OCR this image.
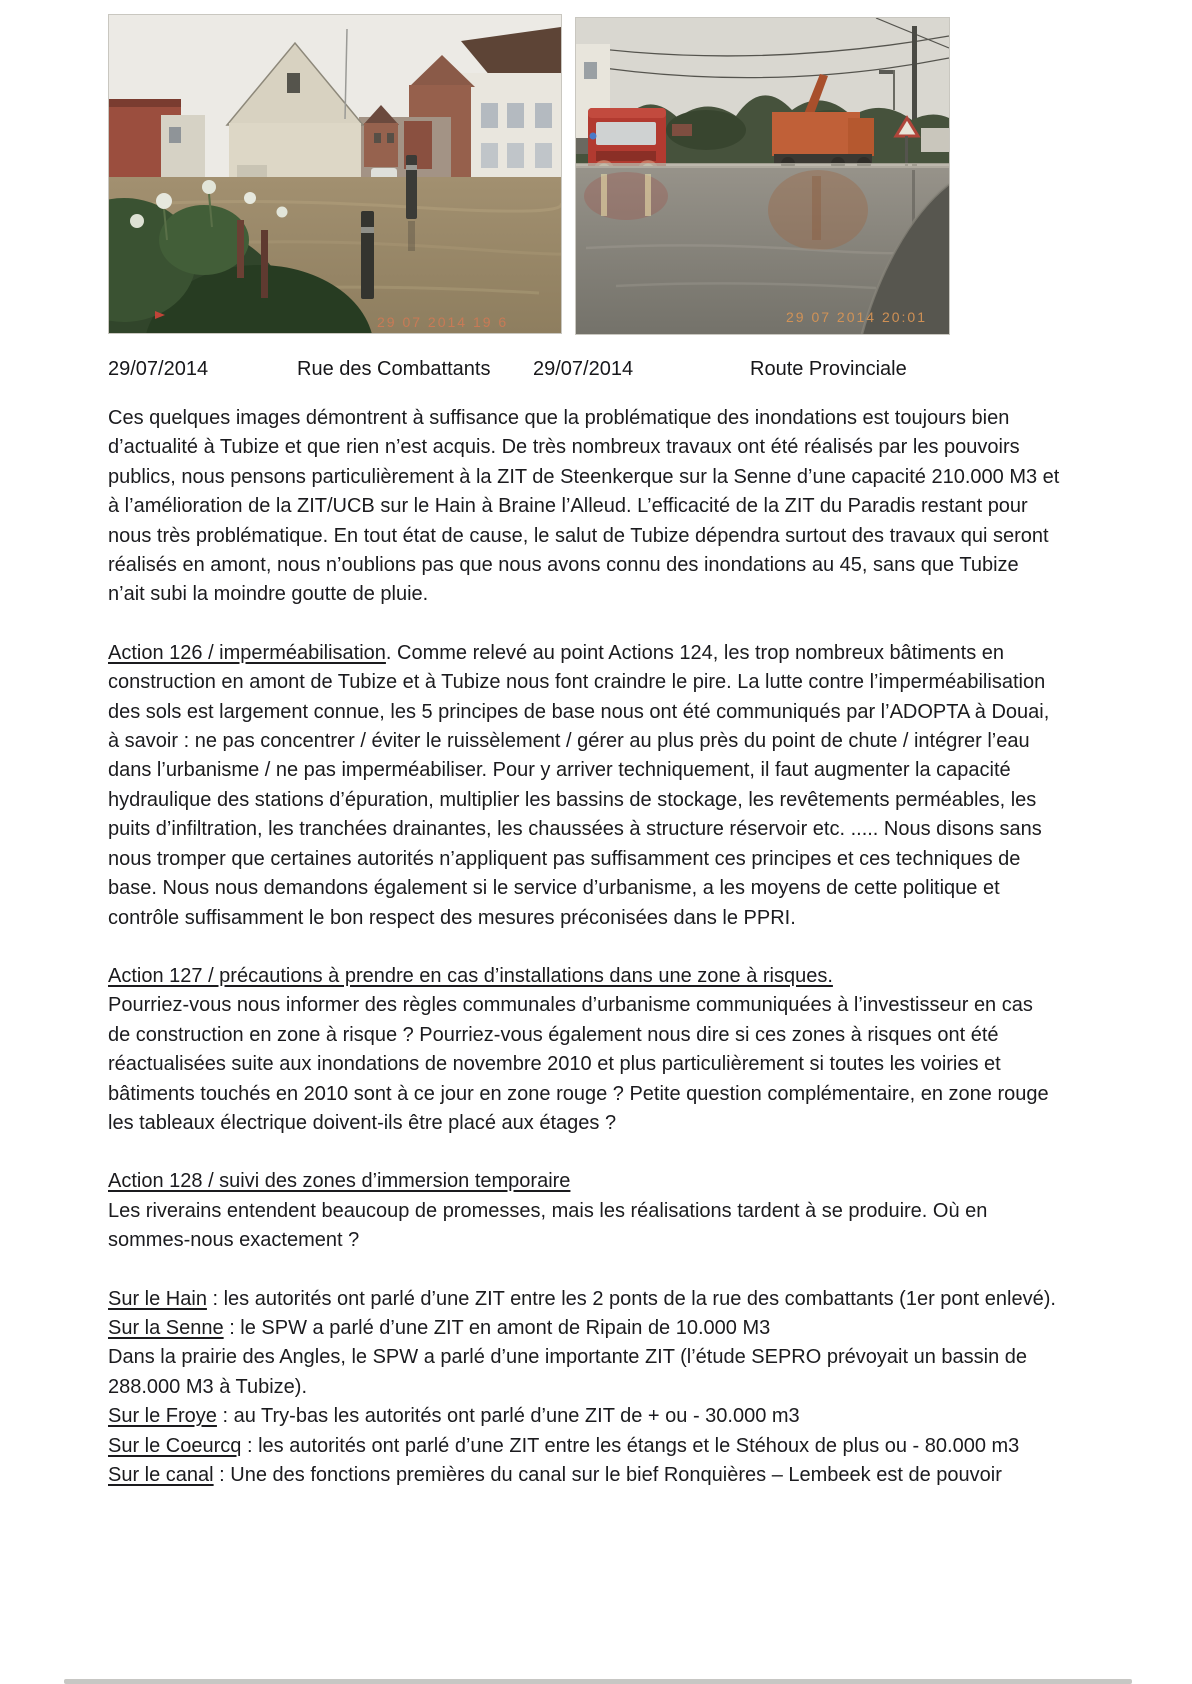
29 07 2014 19 6	29 07 2014 20:01
29/07/2014	Rue des Combattants 29/07/2014	Route Provinciale

Ces quelques images démontrent à suffisance que la problématique des inondations est toujours bien d’actualité à Tubize et que rien n’est acquis. De très nombreux travaux ont été réalisés par les pouvoirs publics, nous pensons particulièrement à la ZIT de Steenkerque sur la Senne d’une capacité 210.000 M3 et à l’amélioration de la ZIT/UCB sur le Hain à Braine l’Alleud. L’efficacité de la ZIT du Paradis restant pour nous très problématique. En tout état de cause, le salut de Tubize dépendra surtout des travaux qui seront réalisés en amont, nous n’oublions pas que nous avons connu des inondations au 45, sans que Tubize n’ait subi la moindre goutte de pluie.

Action 126 / imperméabilisation. Comme relevé au point Actions 124, les trop nombreux bâtiments en construction en amont de Tubize et à Tubize nous font craindre le pire. La lutte contre l’imperméabilisation des sols est largement connue, les 5 principes de base nous ont été communiqués par l’ADOPTA à Douai, à savoir : ne pas concentrer / éviter le ruissèlement / gérer au plus près du point de chute / intégrer l’eau dans l’urbanisme / ne pas imperméabiliser. Pour y arriver techniquement, il faut augmenter la capacité hydraulique des stations d’épuration, multiplier les bassins de stockage, les revêtements perméables, les puits d’infiltration, les tranchées drainantes, les chaussées à structure réservoir etc. ..... Nous disons sans nous tromper que certaines autorités n’appliquent pas suffisamment ces principes et ces techniques de base. Nous nous demandons également si le service d’urbanisme, a les moyens de cette politique et contrôle suffisamment le bon respect des mesures préconisées dans le PPRI.

Action 127 / précautions à prendre en cas d’installations dans une zone à risques.

Pourriez-vous nous informer des règles communales d’urbanisme communiquées à l’investisseur en cas de construction en zone à risque ? Pourriez-vous également nous dire si ces zones à risques ont été réactualisées suite aux inondations de novembre 2010 et plus particulièrement si toutes les voiries et bâtiments touchés en 2010 sont à ce jour en zone rouge ? Petite question complémentaire, en zone rouge les tableaux électrique doivent-ils être placé aux étages ?

Action 128 / suivi des zones d’immersion temporaire

Les riverains entendent beaucoup de promesses, mais les réalisations tardent à se produire. Où en sommes-nous exactement ?

Sur le Hain : les autorités ont parlé d’une ZIT entre les 2 ponts de la rue des combattants (1er pont enlevé).

Sur la Senne : le SPW a parlé d’une ZIT en amont de Ripain de 10.000 M3

Dans la prairie des Angles, le SPW a parlé d’une importante ZIT (l’étude SEPRO prévoyait un bassin de 288.000 M3 à Tubize).

Sur le Froye : au Try-bas les autorités ont parlé d’une ZIT de + ou - 30.000 m3

Sur le Coeurcq : les autorités ont parlé d’une ZIT entre les étangs et le Stéhoux de plus ou - 80.000 m3

Sur le canal : Une des fonctions premières du canal sur le bief Ronquières – Lembeek est de pouvoir
